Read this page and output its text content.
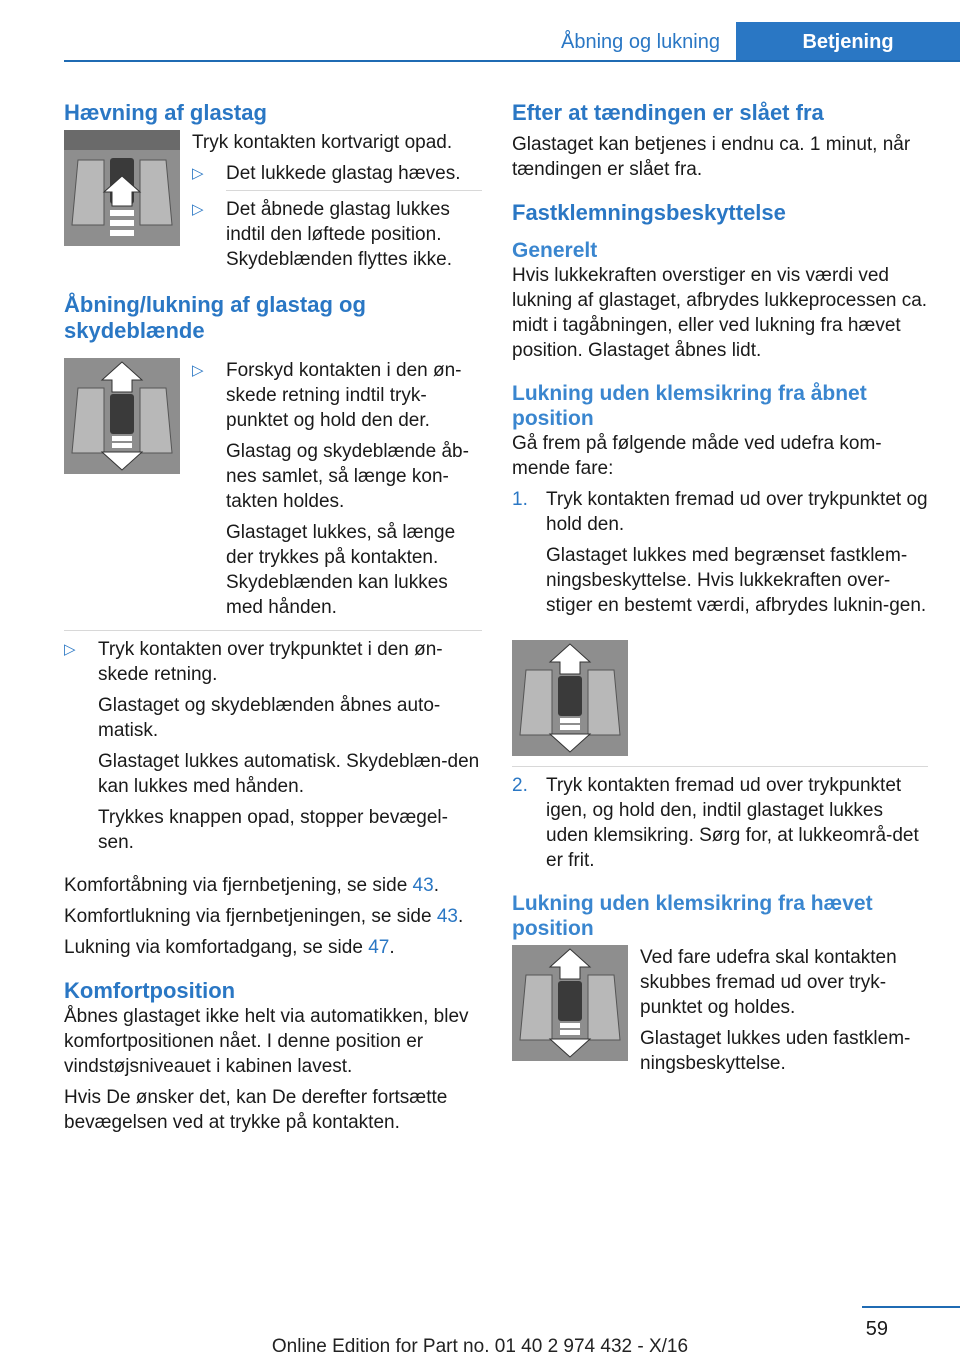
Åbning og lukning	Betjening
Hævning af glastag

Tryk kontakten kortvarigt opad.

▷	Det lukkede glastag hæves.
▷	Det åbnede glastag lukkes indtil den løftede position. Skydeblænden flyttes ikke.
Åbning/lukning af glastag og skydeblænde
▷	Forskyd kontakten i den øn-skede retning indtil tryk-punktet og hold den der.

Glastag og skydeblænde åb-nes samlet, så længe kon-takten holdes.

Glastaget lukkes, så længe der trykkes på kontakten. Skydeblænden kan lukkes med hånden.

▷	Tryk kontakten over trykpunktet i den øn-skede retning.

Glastaget og skydeblænden åbnes auto-matisk.

Glastaget lukkes automatisk. Skydeblæn-den kan lukkes med hånden.

Trykkes knappen opad, stopper bevægel-sen.

Komfortåbning via fjernbetjening, se side 43.

Komfortlukning via fjernbetjeningen, se side 43.

Lukning via komfortadgang, se side 47.

Komfortposition

Åbnes glastaget ikke helt via automatikken, blev komfortpositionen nået. I denne position er vindstøjsniveauet i kabinen lavest.

Hvis De ønsker det, kan De derefter fortsætte bevægelsen ved at trykke på kontakten.

Efter at tændingen er slået fra

Glastaget kan betjenes i endnu ca. 1 minut, når tændingen er slået fra.

Fastklemningsbeskyttelse
Generelt

Hvis lukkekraften overstiger en vis værdi ved lukning af glastaget, afbrydes lukkeprocessen ca. midt i tagåbningen, eller ved lukning fra hævet position. Glastaget åbnes lidt.

Lukning uden klemsikring fra åbnet position

Gå frem på følgende måde ved udefra kom-mende fare:

1. Tryk kontakten fremad ud over trykpunktet og hold den.

Glastaget lukkes med begrænset fastklem-ningsbeskyttelse. Hvis lukkekraften over-stiger en bestemt værdi, afbrydes luknin-gen.

2. Tryk kontakten fremad ud over trykpunktet igen, og hold den, indtil glastaget lukkes uden klemsikring. Sørg for, at lukkeområ-det er frit.

Lukning uden klemsikring fra hævet position

Ved fare udefra skal kontakten skubbes fremad ud over tryk-punktet og holdes.

Glastaget lukkes uden fastklem-ningsbeskyttelse.

59
Online Edition for Part no. 01 40 2 974 432 - X/16
